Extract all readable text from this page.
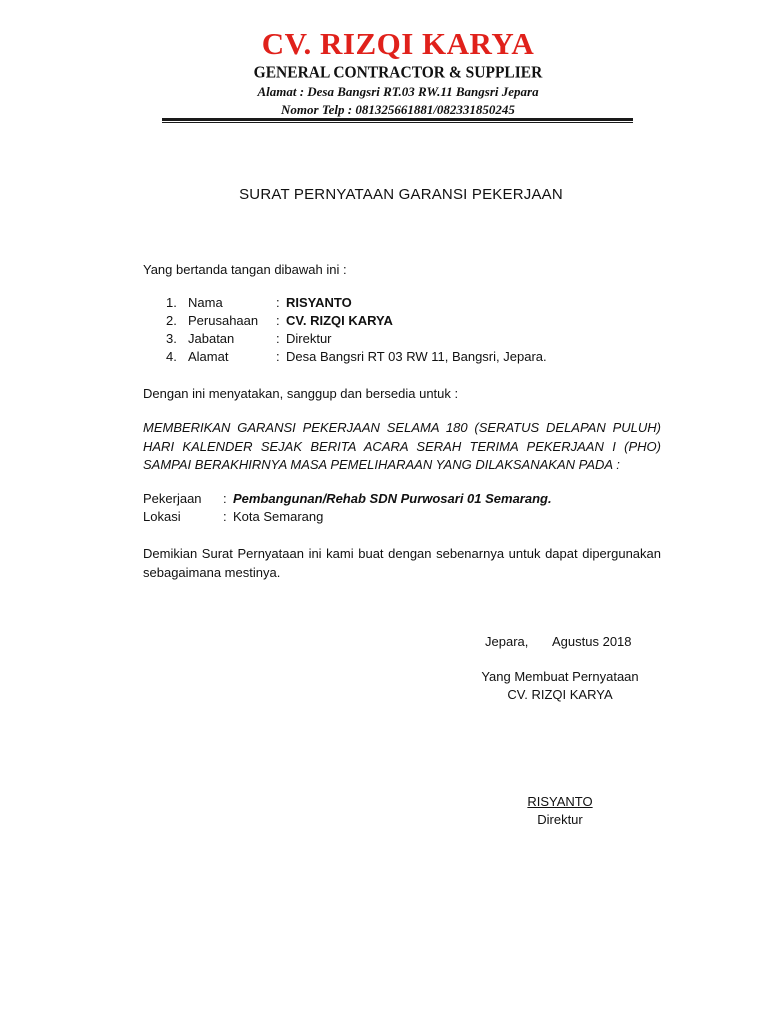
CV. RIZQI KARYA
GENERAL CONTRACTOR & SUPPLIER
Alamat : Desa Bangsri RT.03 RW.11 Bangsri Jepara
Nomor Telp : 081325661881/082331850245
SURAT PERNYATAAN GARANSI PEKERJAAN
Yang bertanda tangan dibawah ini :
1. Nama	: RISYANTO
2. Perusahaan : CV. RIZQI KARYA
3. Jabatan	: Direktur
4. Alamat	: Desa Bangsri RT 03 RW 11, Bangsri, Jepara.
Dengan ini menyatakan, sanggup dan bersedia untuk :
MEMBERIKAN GARANSI PEKERJAAN SELAMA 180 (SERATUS DELAPAN PULUH) HARI KALENDER SEJAK BERITA ACARA SERAH TERIMA PEKERJAAN I (PHO) SAMPAI BERAKHIRNYA MASA PEMELIHARAAN YANG DILAKSANAKAN PADA :
Pekerjaan : Pembangunan/Rehab SDN Purwosari 01 Semarang.
Lokasi	: Kota Semarang
Demikian Surat Pernyataan ini kami buat dengan sebenarnya untuk dapat dipergunakan sebagaimana mestinya.
Jepara, Agustus 2018
Yang Membuat Pernyataan
CV. RIZQI KARYA
RISYANTO
Direktur
